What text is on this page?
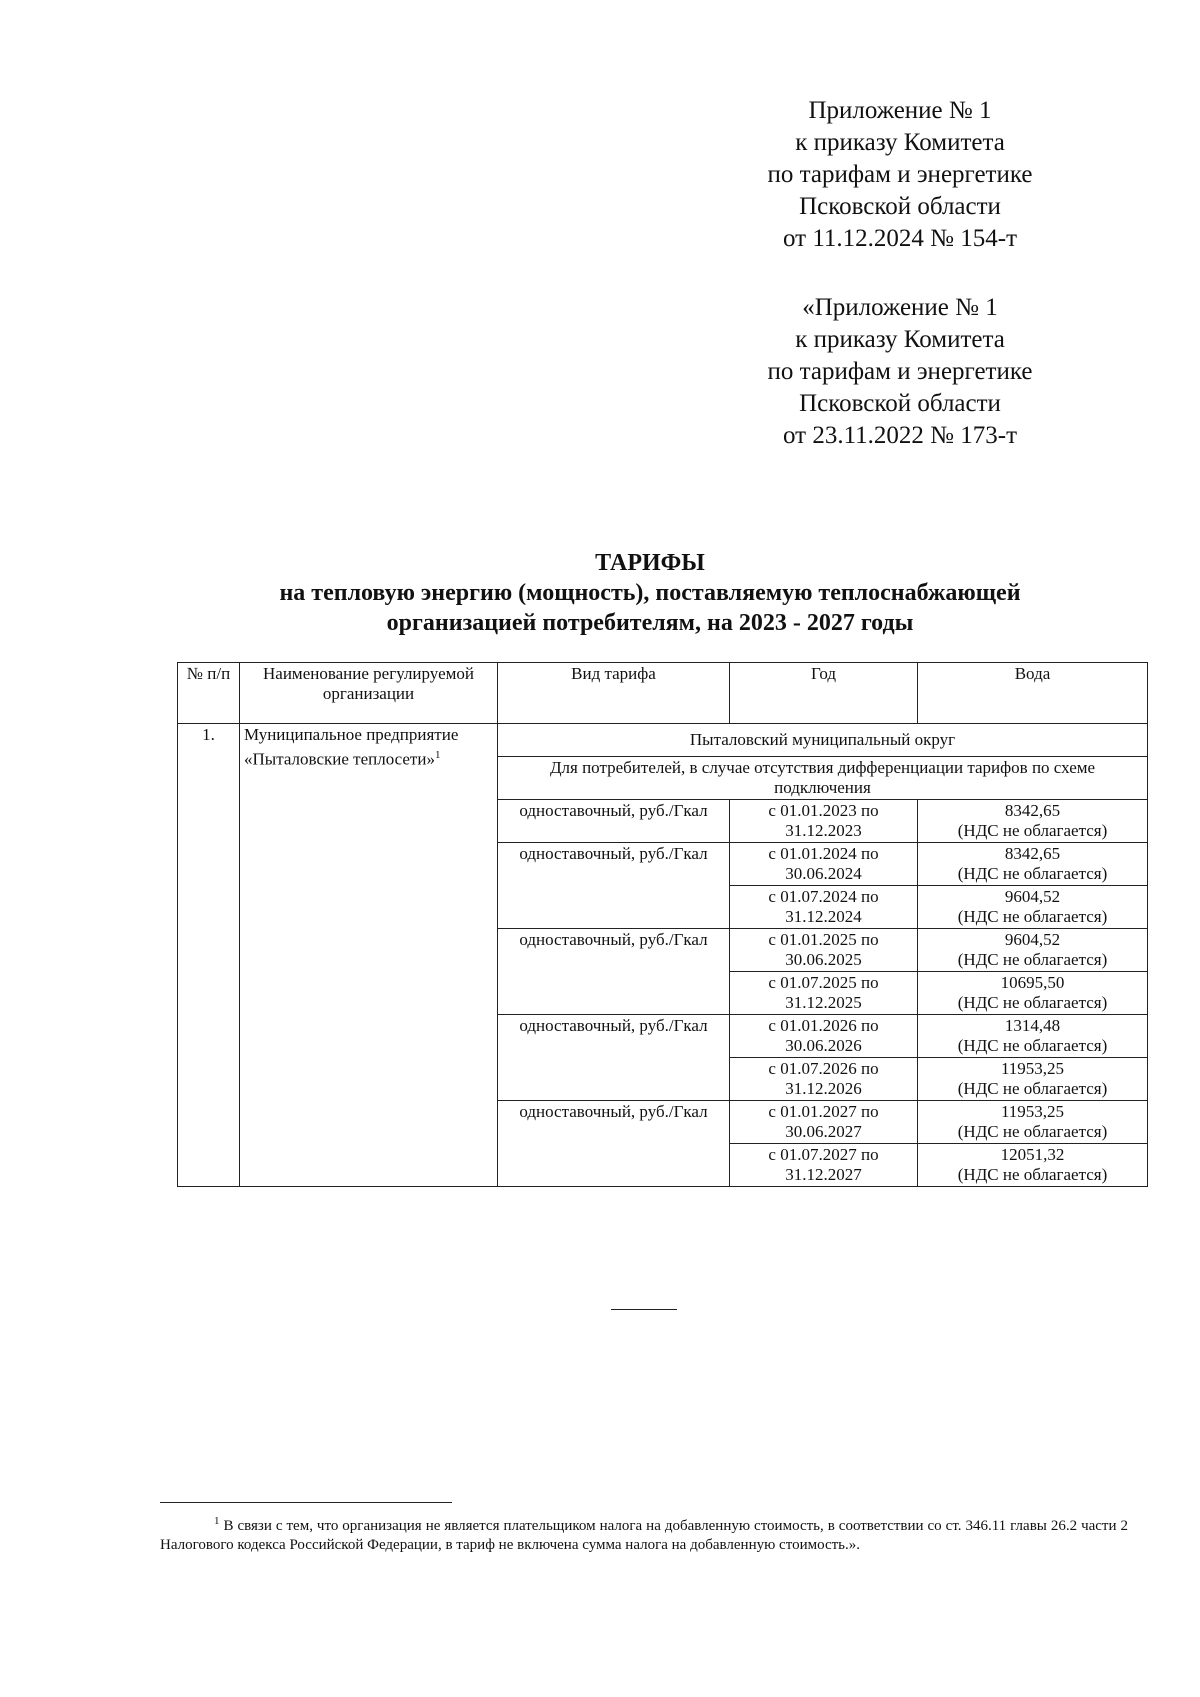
Приложение № 1
к приказу Комитета
по тарифам и энергетике
Псковской области
от 11.12.2024 № 154-т
«Приложение № 1
к приказу Комитета
по тарифам и энергетике
Псковской области
от 23.11.2022 № 173-т
ТАРИФЫ
на тепловую энергию (мощность), поставляемую теплоснабжающей
организацией потребителям, на 2023 - 2027 годы
№ п/п	Наименование регулируемой организации	Вид тарифа	Год	Вода
1.	Муниципальное предприятие «Пыталовские теплосети»$^1$	Пыталовский муниципальный округ		
		Для потребителей, в случае отсутствия дифференциации тарифов по схеме подключения		
		одноставочный, руб./Гкал	с 01.01.2023 по 31.12.2023	8342,65
(НДС не облагается)

		одноставочный, руб./Гкал	с 01.01.2024 по 30.06.2024	8342,65
(НДС не облагается)

			с 01.07.2024 по 31.12.2024	9604,52
(НДС не облагается)

		одноставочный, руб./Гкал	с 01.01.2025 по 30.06.2025	9604,52
(НДС не облагается)

			с 01.07.2025 по 31.12.2025	10695,50
(НДС не облагается)

		одноставочный, руб./Гкал	с 01.01.2026 по 30.06.2026	1314,48
(НДС не облагается)

			с 01.07.2026 по 31.12.2026	11953,25
(НДС не облагается)

		одноставочный, руб./Гкал	с 01.01.2027 по 30.06.2027	11953,25
(НДС не облагается)

			с 01.07.2027 по 31.12.2027	12051,32
(НДС не облагается)
$^1$ В связи с тем, что организация не является плательщиком налога на добавленную стоимость, в соответствии со ст. 346.11 главы 26.2 части 2 Налогового кодекса Российской Федерации, в тариф не включена сумма налога на добавленную стоимость.».
